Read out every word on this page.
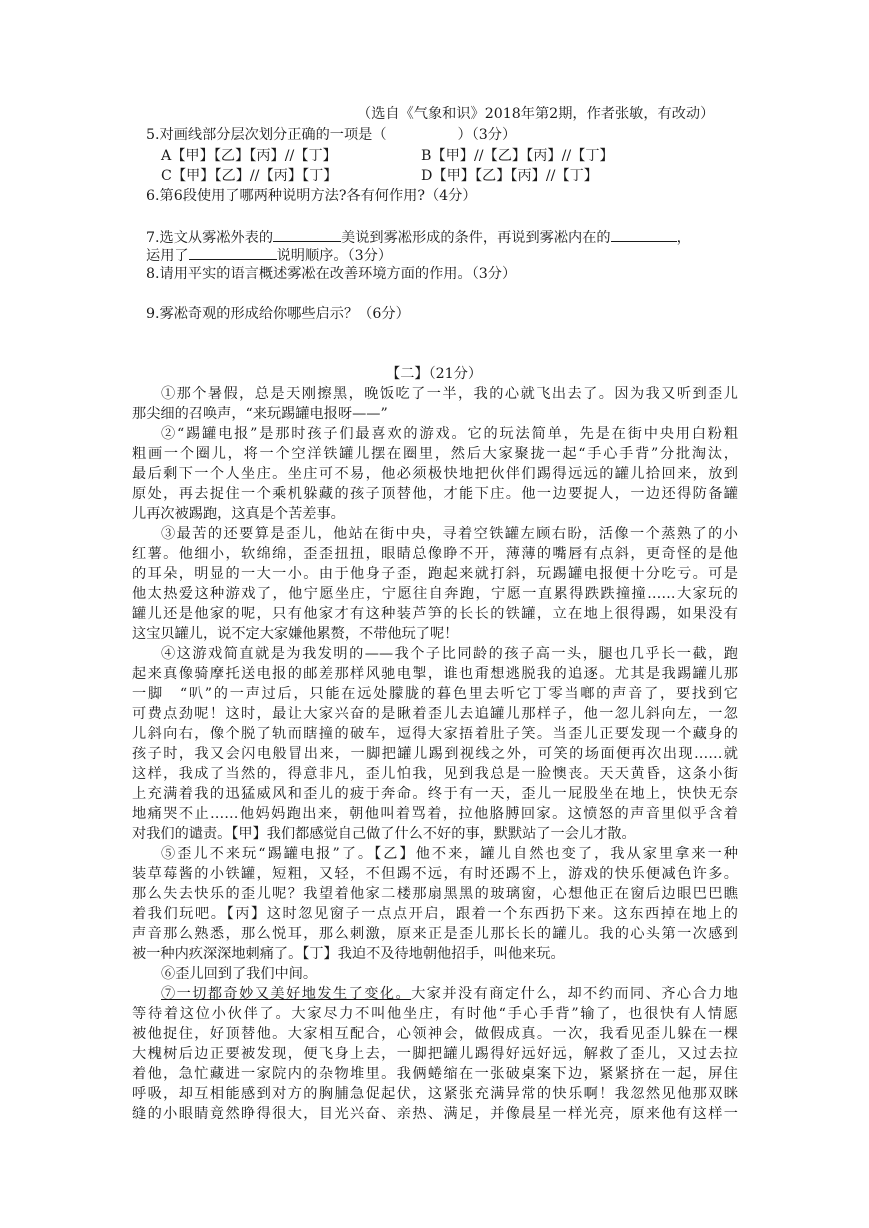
（选自《气象和识》2018年第2期，作者张敏，有改动）
5.对画线部分层次划分正确的一项是（　　　　　）（3分）
A【甲】【乙】【丙】//【丁】	B【甲】//【乙】【丙】//【丁】
C【甲】【乙】//【丙】【丁】	D【甲】【乙】【丙】//【丁】
6.第6段使用了哪两种说明方法?各有何作用?（4分）
7.选文从雾凇外表的	美说到雾凇形成的条件，再说到雾凇内在的	，
运用了	说明顺序。（3分）
8.请用平实的语言概述雾凇在改善环境方面的作用。（3分）
9.雾凇奇观的形成给你哪些启示？（6分）
【二】（21分）
①那个暑假，总是天刚擦黑，晚饭吃了一半，我的心就飞出去了。因为我又听到歪儿
那尖细的召唤声，“来玩踢罐电报呀——”
②“踢罐电报”是那时孩子们最喜欢的游戏。它的玩法简单，先是在街中央用白粉粗
粗画一个圈儿，将一个空洋铁罐儿摆在圈里，然后大家聚拢一起“手心手背”分批淘汰，
最后剩下一个人坐庄。坐庄可不易，他必须极快地把伙伴们踢得远远的罐儿拾回来，放到
原处，再去捉住一个乘机躲藏的孩子顶替他，才能下庄。他一边要捉人，一边还得防备罐
儿再次被踢跑，这真是个苦差事。
③最苦的还要算是歪儿，他站在街中央，寻着空铁罐左顾右盼，活像一个蒸熟了的小
红薯。他细小，软绵绵，歪歪扭扭，眼睛总像睁不开，薄薄的嘴唇有点斜，更奇怪的是他
的耳朵，明显的一大一小。由于他身子歪，跑起来就打斜，玩踢罐电报便十分吃亏。可是
他太热爱这种游戏了，他宁愿坐庄，宁愿往自奔跑，宁愿一直累得跌跌撞撞……大家玩的
罐儿还是他家的呢，只有他家才有这种装芦笋的长长的铁罐，立在地上很得踢，如果没有
这宝贝罐儿，说不定大家嫌他累赘，不带他玩了呢！
④这游戏简直就是为我发明的——我个子比同龄的孩子高一头，腿也几乎长一截，跑
起来真像骑摩托送电报的邮差那样风驰电掣，谁也甭想逃脱我的追逐。尤其是我踢罐儿那
一脚　“叭”的一声过后，只能在远处朦胧的暮色里去听它丁零当啷的声音了，要找到它
可费点劲呢！这时，最让大家兴奋的是瞅着歪儿去追罐儿那样子，他一忽儿斜向左，一忽
儿斜向右，像个脱了轨而瞎撞的破车，逗得大家捂着肚子笑。当歪儿正要发现一个藏身的
孩子时，我又会闪电般冒出来，一脚把罐儿踢到视线之外，可笑的场面便再次出现……就
这样，我成了当然的，得意非凡，歪儿怕我，见到我总是一脸懊丧。天天黄昏，这条小街
上充满着我的迅猛威风和歪儿的疲于奔命。终于有一天，歪儿一屁股坐在地上，快快无奈
地痛哭不止……他妈妈跑出来，朝他叫着骂着，拉他胳膊回家。这愤怒的声音里似乎含着
对我们的谴责。【甲】我们都感觉自己做了什么不好的事，默默站了一会儿才散。
⑤歪儿不来玩“踢罐电报”了。【乙】他不来，罐儿自然也变了，我从家里拿来一种
装草莓酱的小铁罐，短粗，又轻，不但踢不远，有时还踢不上，游戏的快乐便减色许多。
那么失去快乐的歪儿呢？我望着他家二楼那扇黑黑的玻璃窗，心想他正在窗后边眼巴巴瞧
着我们玩吧。【丙】这时忽见窗子一点点开启，跟着一个东西扔下来。这东西掉在地上的
声音那么熟悉，那么悦耳，那么刺激，原来正是歪儿那长长的罐儿。我的心头第一次感到
被一种内疚深深地刺痛了。【丁】我迫不及待地朝他招手，叫他来玩。
⑥歪儿回到了我们中间。
⑦一切都奇妙又美好地发生了变化。大家并没有商定什么，却不约而同、齐心合力地
等待着这位小伙伴了。大家尽力不叫他坐庄，有时他“手心手背”输了，也很快有人情愿
被他捉住，好顶替他。大家相互配合，心领神会，做假成真。一次，我看见歪儿躲在一棵
大槐树后边正要被发现，便飞身上去，一脚把罐儿踢得好远好远，解救了歪儿，又过去拉
着他，急忙藏进一家院内的杂物堆里。我俩蜷缩在一张破桌案下边，紧紧挤在一起，屏住
呼吸，却互相能感到对方的胸脯急促起伏，这紧张充满异常的快乐啊！我忽然见他那双眯
缝的小眼睛竟然睁得很大，目光兴奋、亲热、满足，并像晨星一样光亮，原来他有这样一
